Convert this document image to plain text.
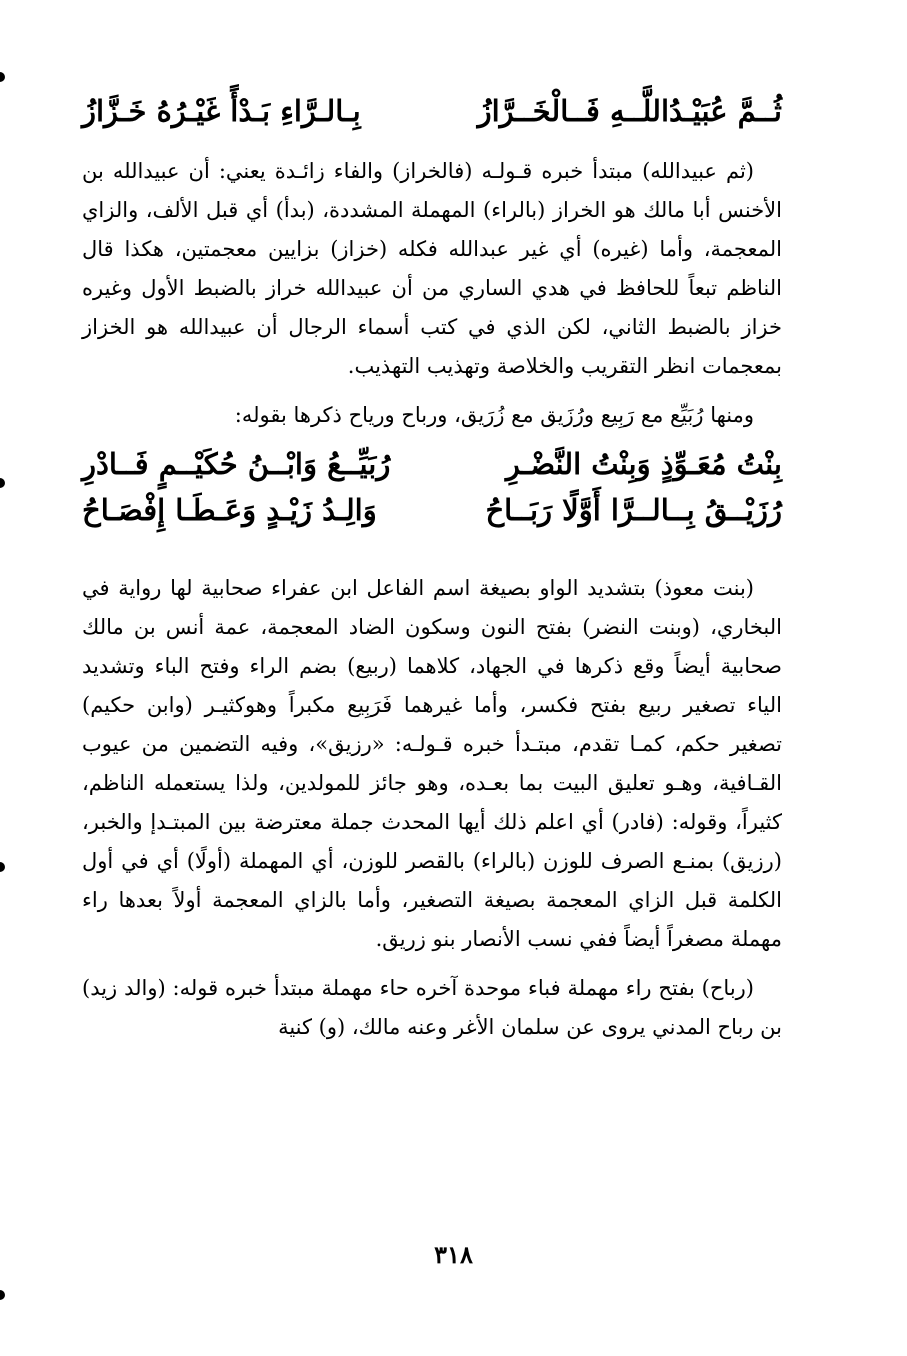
ثُــمَّ عُبَيْـدُاللَّــهِ فَــالْخَــرَّازُ
بِـالـرَّاءِ بَـدْأً غَيْـرُهُ خَـزَّازُ

(ثم عبيدالله) مبتدأ خبره قـولـه (فالخراز) والفاء زائـدة يعني: أن عبيدالله بن الأخنس أبا مالك هو الخراز (بالراء) المهملة المشددة، (بدأ) أي قبل الألف، والزاي المعجمة، وأما (غيره) أي غير عبدالله فكله (خزاز) بزايين معجمتين، هكذا قال الناظم تبعاً للحافظ في هدي الساري من أن عبيدالله خراز بالضبط الأول وغيره خزاز بالضبط الثاني، لكن الذي في كتب أسماء الرجال أن عبيدالله هو الخزاز بمعجمات انظر التقريب والخلاصة وتهذيب التهذيب.

ومنها رُبَيِّع مع رَبِيع ورُزَيق مع زُرَيق، ورباح ورياح ذكرها بقوله:

بِنْتُ مُعَـوِّذٍ وَبِنْتُ النَّضْـرِ
رُبَيِّــعُ وَابْــنُ حُكَيْــمٍ فَــادْرِ
رُزَيْــقُ بِــالــرَّا أَوَّلًا رَبَــاحُ
وَالِـدُ زَيْـدٍ وَعَـطَـا إِفْصَـاحُ

(بنت معوذ) بتشديد الواو بصيغة اسم الفاعل ابن عفراء صحابية لها رواية في البخاري، (وبنت النضر) بفتح النون وسكون الضاد المعجمة، عمة أنس بن مالك صحابية أيضاً وقع ذكرها في الجهاد، كلاهما (ربيع) بضم الراء وفتح الباء وتشديد الياء تصغير ربيع بفتح فكسر، وأما غيرهما فَرَبِيع مكبراً وهوكثيـر (وابن حكيم) تصغير حكم، كمـا تقدم، مبتـدأ خبره قـولـه: «رزيق»، وفيه التضمين من عيوب القـافية، وهـو تعليق البيت بما بعـده، وهو جائز للمولدين، ولذا يستعمله الناظم، كثيراً، وقوله: (فادر) أي اعلم ذلك أيها المحدث جملة معترضة بين المبتـدإ والخبر، (رزيق) بمنـع الصرف للوزن (بالراء) بالقصر للوزن، أي المهملة (أولًا) أي في أول الكلمة قبل الزاي المعجمة بصيغة التصغير، وأما بالزاي المعجمة أولاً بعدها راء مهملة مصغراً أيضاً ففي نسب الأنصار بنو زريق.

(رباح) بفتح راء مهملة فباء موحدة آخره حاء مهملة مبتدأ خبره قوله: (والد زيد) بن رباح المدني يروى عن سلمان الأغر وعنه مالك، (و) كنية

٣١٨
